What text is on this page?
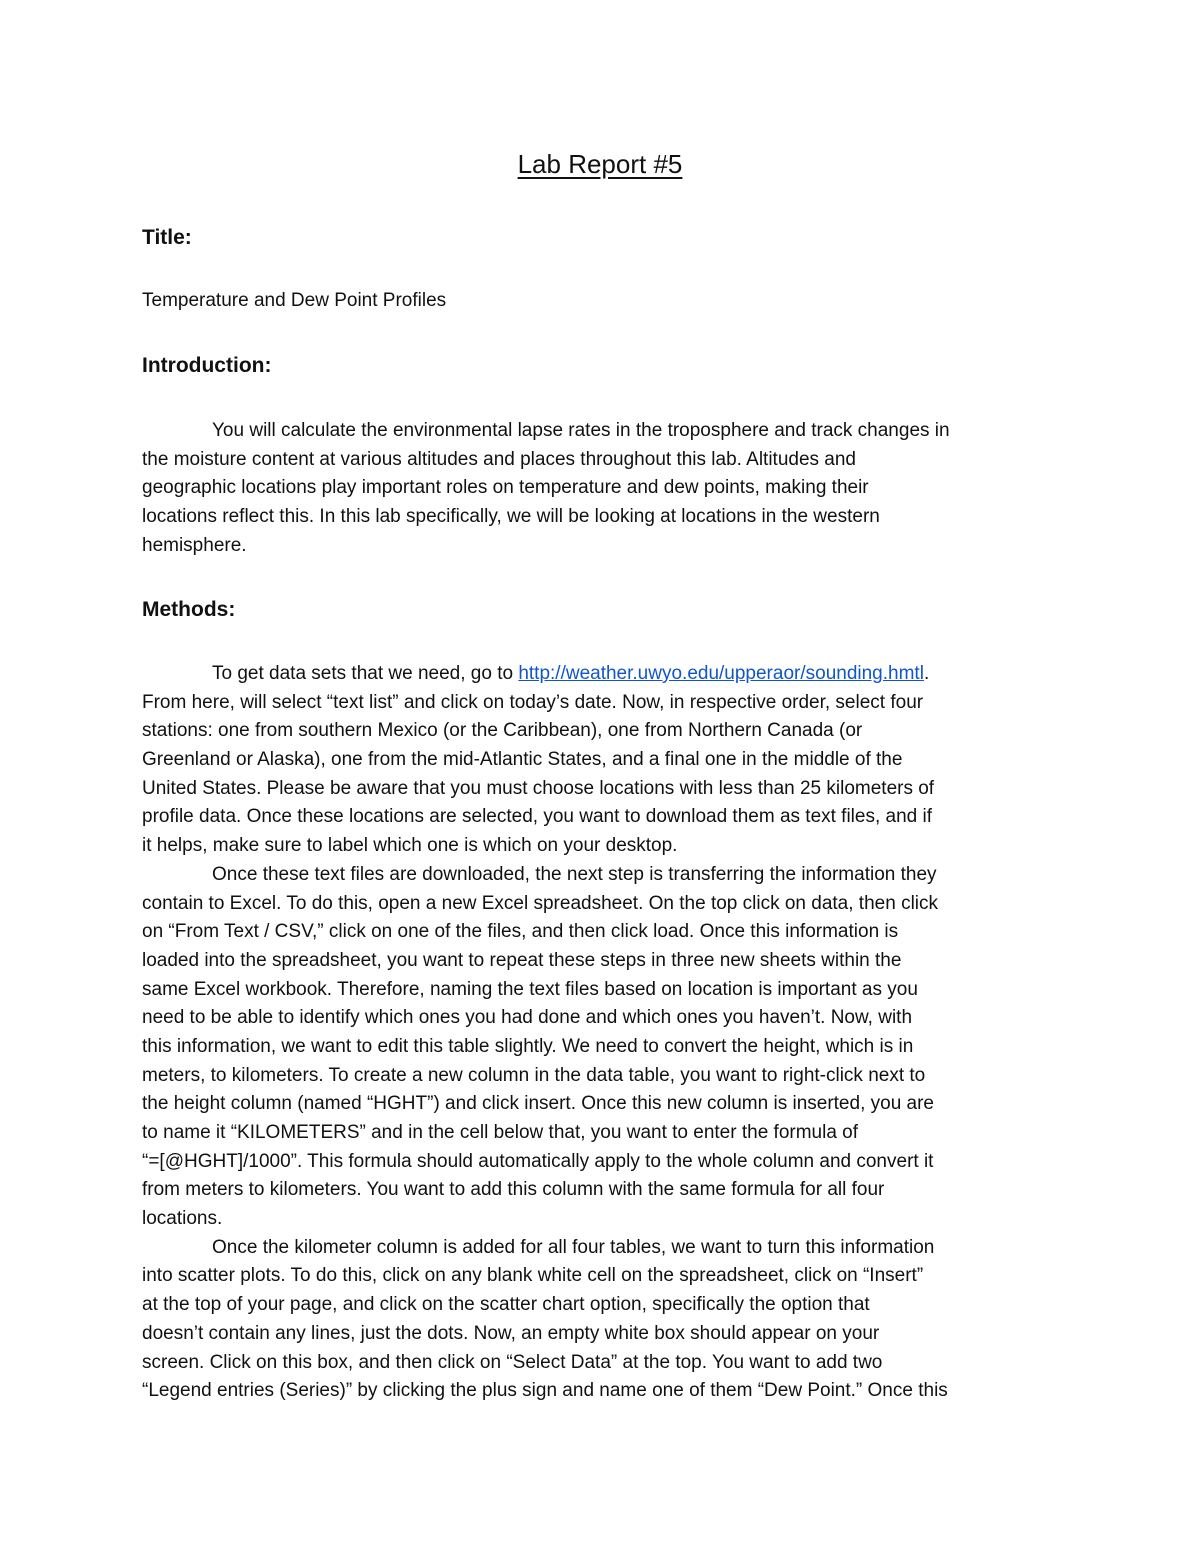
Lab Report #5
Title:
Temperature and Dew Point Profiles
Introduction:
You will calculate the environmental lapse rates in the troposphere and track changes in
the moisture content at various altitudes and places throughout this lab. Altitudes and
geographic locations play important roles on temperature and dew points, making their
locations reflect this. In this lab specifically, we will be looking at locations in the western
hemisphere.
Methods:
To get data sets that we need, go to http://weather.uwyo.edu/upperaor/sounding.hmtl.
From here, will select “text list” and click on today’s date. Now, in respective order, select four
stations: one from southern Mexico (or the Caribbean), one from Northern Canada (or
Greenland or Alaska), one from the mid-Atlantic States, and a final one in the middle of the
United States. Please be aware that you must choose locations with less than 25 kilometers of
profile data. Once these locations are selected, you want to download them as text files, and if
it helps, make sure to label which one is which on your desktop.
Once these text files are downloaded, the next step is transferring the information they
contain to Excel. To do this, open a new Excel spreadsheet. On the top click on data, then click
on “From Text / CSV,” click on one of the files, and then click load. Once this information is
loaded into the spreadsheet, you want to repeat these steps in three new sheets within the
same Excel workbook. Therefore, naming the text files based on location is important as you
need to be able to identify which ones you had done and which ones you haven’t. Now, with
this information, we want to edit this table slightly. We need to convert the height, which is in
meters, to kilometers. To create a new column in the data table, you want to right-click next to
the height column (named “HGHT”) and click insert. Once this new column is inserted, you are
to name it “KILOMETERS” and in the cell below that, you want to enter the formula of
“=[@HGHT]/1000”. This formula should automatically apply to the whole column and convert it
from meters to kilometers. You want to add this column with the same formula for all four
locations.
Once the kilometer column is added for all four tables, we want to turn this information
into scatter plots. To do this, click on any blank white cell on the spreadsheet, click on “Insert”
at the top of your page, and click on the scatter chart option, specifically the option that
doesn’t contain any lines, just the dots. Now, an empty white box should appear on your
screen. Click on this box, and then click on “Select Data” at the top. You want to add two
“Legend entries (Series)” by clicking the plus sign and name one of them “Dew Point.” Once this
